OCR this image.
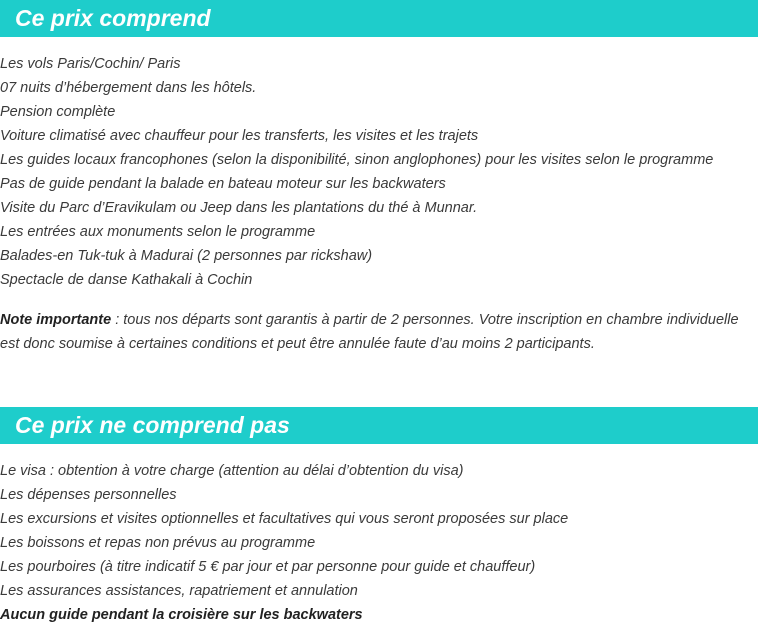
Ce prix comprend
Les vols Paris/Cochin/ Paris
07 nuits d’hébergement dans les hôtels.
Pension complète
Voiture climatisé avec chauffeur pour les transferts, les visites et les trajets
Les guides locaux francophones (selon la disponibilité, sinon anglophones) pour les visites selon le programme
Pas de guide pendant la balade en bateau moteur sur les backwaters
Visite du Parc d’Eravikulam ou Jeep dans les plantations du thé à Munnar.
Les entrées aux monuments selon le programme
Balades-en Tuk-tuk à Madurai (2 personnes par rickshaw)
Spectacle de danse Kathakali à Cochin

Note importante : tous nos départs sont garantis à partir de 2 personnes. Votre inscription en chambre individuelle est donc soumise à certaines conditions et peut être annulée faute d’au moins 2 participants.

Ce prix ne comprend pas
Le visa : obtention à votre charge (attention au délai d’obtention du visa)
Les dépenses personnelles
Les excursions et visites optionnelles et facultatives qui vous seront proposées sur place
Les boissons et repas non prévus au programme
Les pourboires (à titre indicatif 5 € par jour et par personne pour guide et chauffeur)
Les assurances assistances, rapatriement et annulation
Aucun guide pendant la croisière sur les backwaters
